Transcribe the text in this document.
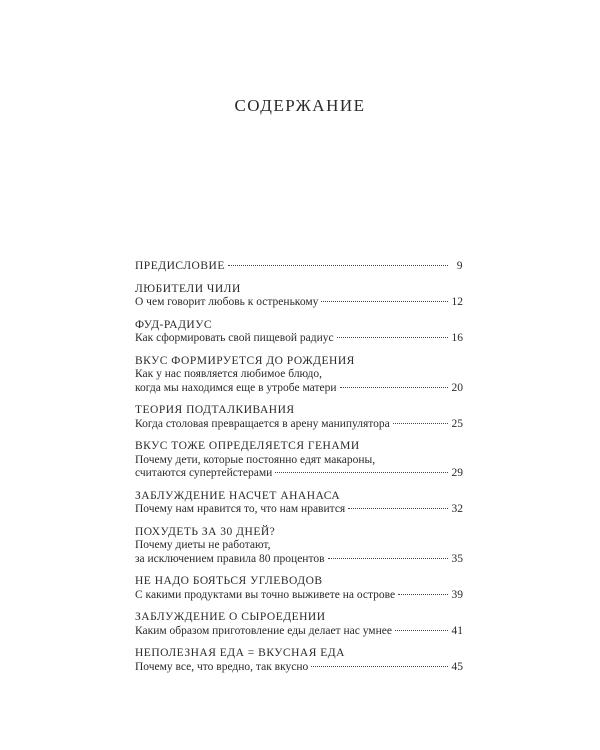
СОДЕРЖАНИЕ
ПРЕДИСЛОВИЕ	9
ЛЮБИТЕЛИ ЧИЛИ
О чем говорит любовь к остренькому	12
ФУД-РАДИУС
Как сформировать свой пищевой радиус	16
ВКУС ФОРМИРУЕТСЯ ДО РОЖДЕНИЯ
Как у нас появляется любимое блюдо,
когда мы находимся еще в утробе матери	20
ТЕОРИЯ ПОДТАЛКИВАНИЯ
Когда столовая превращается в арену манипулятора	25
ВКУС ТОЖЕ ОПРЕДЕЛЯЕТСЯ ГЕНАМИ
Почему дети, которые постоянно едят макароны,
считаются супертейстерами	29
ЗАБЛУЖДЕНИЕ НАСЧЕТ АНАНАСА
Почему нам нравится то, что нам нравится	32
ПОХУДЕТЬ ЗА 30 ДНЕЙ?
Почему диеты не работают,
за исключением правила 80 процентов	35
НЕ НАДО БОЯТЬСЯ УГЛЕВОДОВ
С какими продуктами вы точно выживете на острове	39
ЗАБЛУЖДЕНИЕ О СЫРОЕДЕНИИ
Каким образом приготовление еды делает нас умнее	41
НЕПОЛЕЗНАЯ ЕДА = ВКУСНАЯ ЕДА
Почему все, что вредно, так вкусно	45
